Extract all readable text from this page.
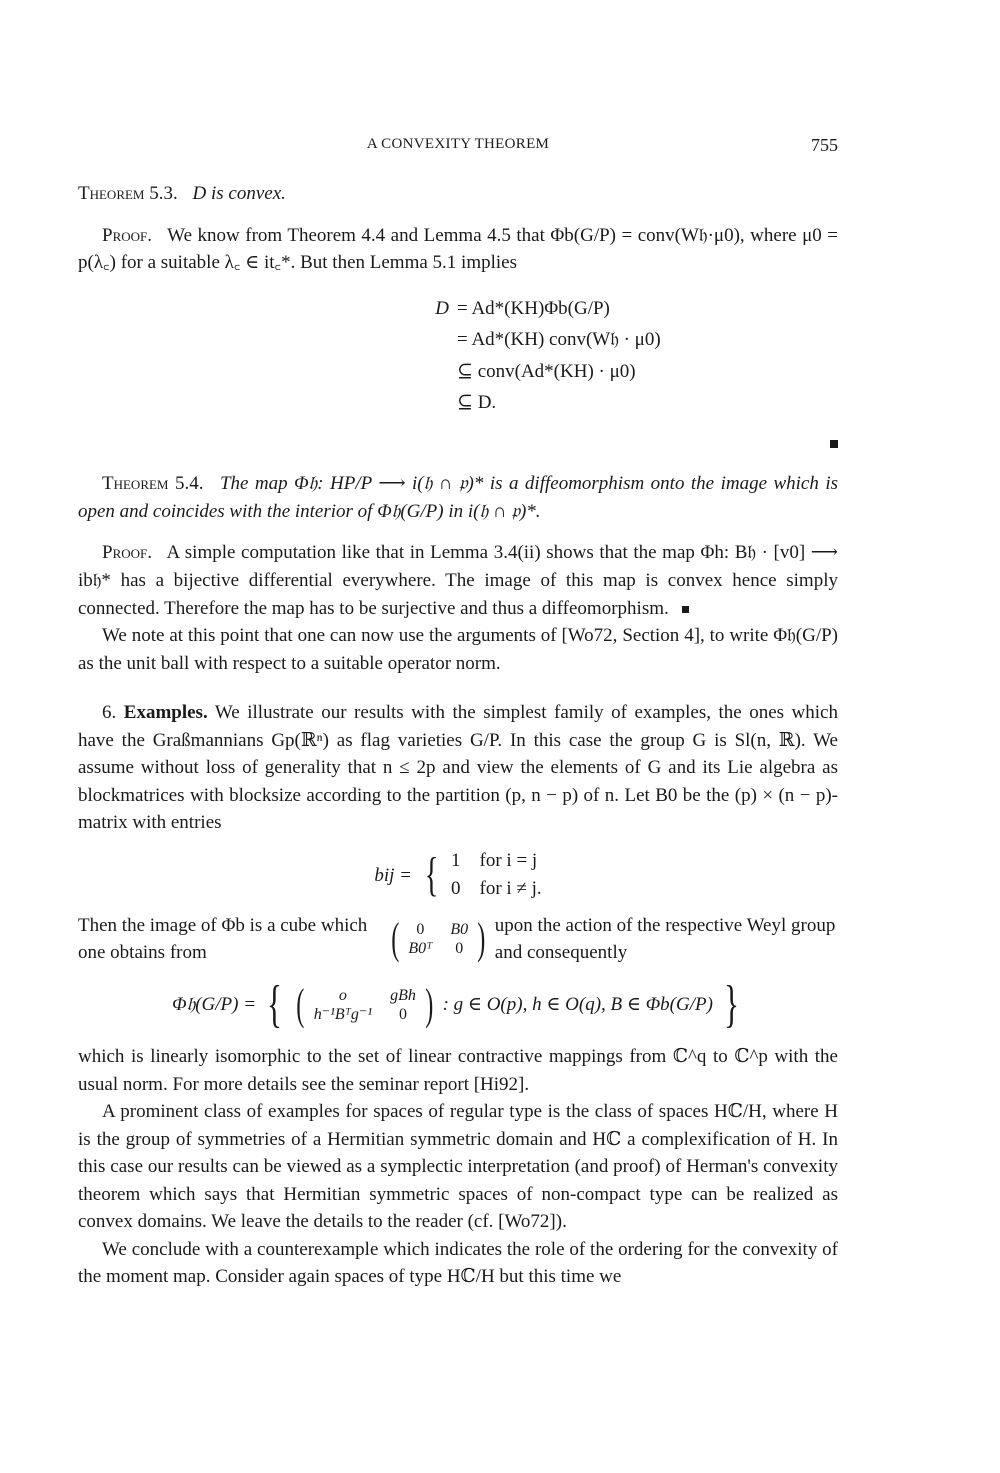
A CONVEXITY THEOREM	755

Theorem 5.3. D is convex.

Proof. We know from Theorem 4.4 and Lemma 4.5 that Φb(G/P) = conv(W𝔥·μ0), where μ0 = p(λ꜀) for a suitable λ꜀ ∈ it꜀*. But then Lemma 5.1 implies

D = Ad*(KH)Φb(G/P)
= Ad*(KH) conv(W𝔥 · μ0)
⊆ conv(Ad*(KH) · μ0)
⊆ D.

Theorem 5.4. The map Φ𝔥: HP/P ⟶ i(𝔥 ∩ 𝔭)* is a diffeomorphism onto the image which is open and coincides with the interior of Φ𝔥(G/P) in i(𝔥 ∩ 𝔭)*.

Proof. A simple computation like that in Lemma 3.4(ii) shows that the map Φh: B𝔥 · [v0] ⟶ ib𝔥* has a bijective differential everywhere. The image of this map is convex hence simply connected. Therefore the map has to be surjective and thus a diffeomorphism.

We note at this point that one can now use the arguments of [Wo72, Section 4], to write Φ𝔥(G/P) as the unit ball with respect to a suitable operator norm.

6. Examples. We illustrate our results with the simplest family of examples, the ones which have the Graßmannians Gp(ℝⁿ) as flag varieties G/P. In this case the group G is Sl(n, ℝ). We assume without loss of generality that n ≤ 2p and view the elements of G and its Lie algebra as blockmatrices with blocksize according to the partition (p, n − p) of n. Let B0 be the (p) × (n − p)-matrix with entries

bij = { 1 for i = j
0 for i ≠ j.
Then the image of Φb is a cube which one obtains from	(	0	B0
B0ᵀ	0 ) upon the action of the respective Weyl group and consequently
Φ𝔥(G/P) = { (	o	gBh
h⁻¹Bᵀg⁻¹	0 ) : g ∈ O(p), h ∈ O(q), B ∈ Φb(G/P) }

which is linearly isomorphic to the set of linear contractive mappings from ℂ^q to ℂ^p with the usual norm. For more details see the seminar report [Hi92].

A prominent class of examples for spaces of regular type is the class of spaces Hℂ/H, where H is the group of symmetries of a Hermitian symmetric domain and Hℂ a complexification of H. In this case our results can be viewed as a symplectic interpretation (and proof) of Herman's convexity theorem which says that Hermitian symmetric spaces of non-compact type can be realized as convex domains. We leave the details to the reader (cf. [Wo72]).

We conclude with a counterexample which indicates the role of the ordering for the convexity of the moment map. Consider again spaces of type Hℂ/H but this time we
